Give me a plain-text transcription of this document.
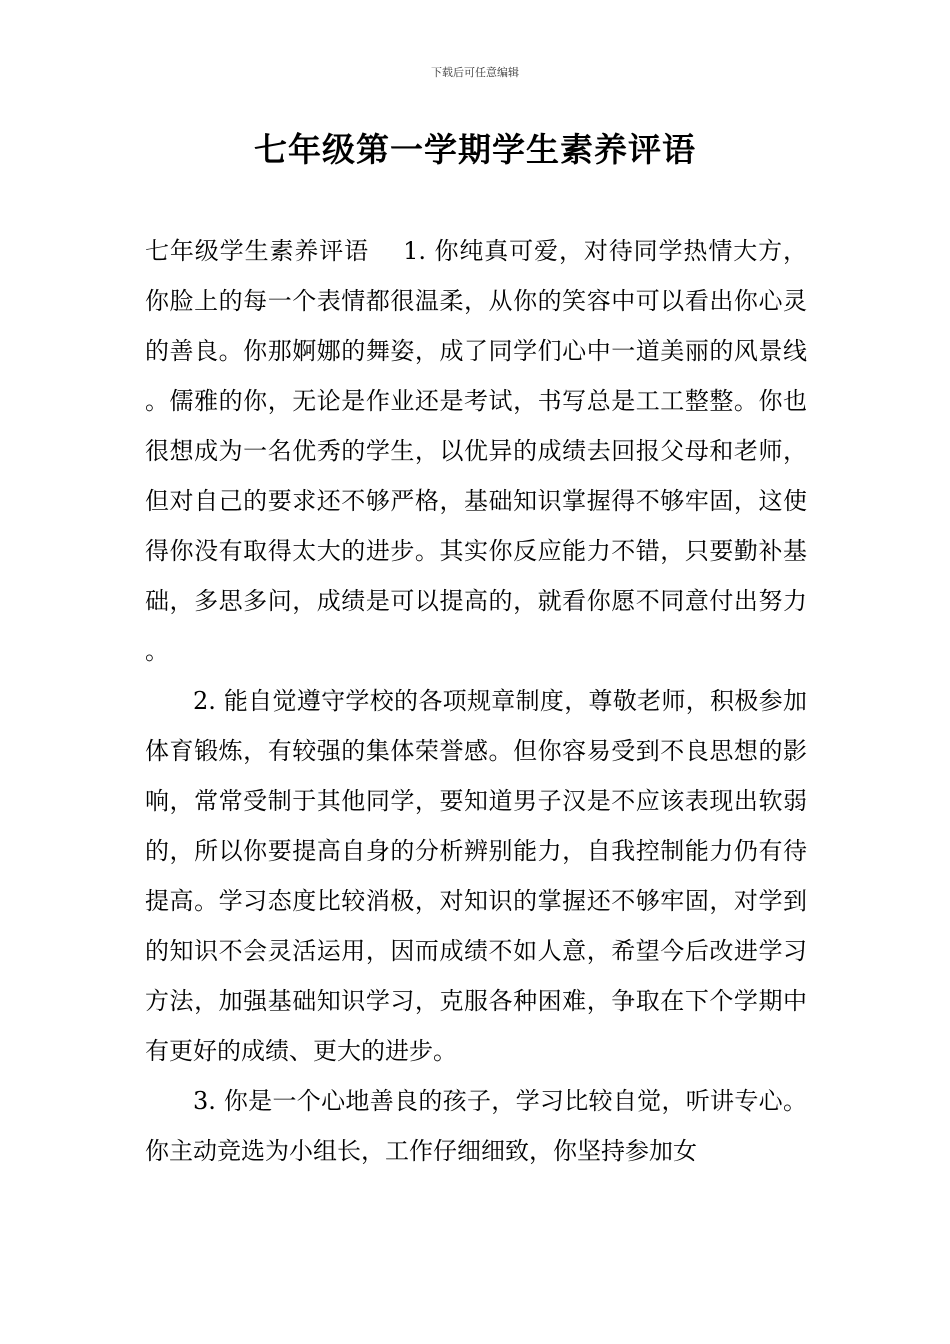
下载后可任意编辑
七年级第一学期学生素养评语

七年级学生素养评语 1. 你纯真可爱，对待同学热情大方，你脸上的每一个表情都很温柔，从你的笑容中可以看出你心灵的善良。你那婀娜的舞姿，成了同学们心中一道美丽的风景线。儒雅的你，无论是作业还是考试，书写总是工工整整。你也很想成为一名优秀的学生，以优异的成绩去回报父母和老师，但对自己的要求还不够严格，基础知识掌握得不够牢固，这使得你没有取得太大的进步。其实你反应能力不错，只要勤补基础，多思多问，成绩是可以提高的，就看你愿不同意付出努力。

2. 能自觉遵守学校的各项规章制度，尊敬老师，积极参加体育锻炼，有较强的集体荣誉感。但你容易受到不良思想的影响，常常受制于其他同学，要知道男子汉是不应该表现出软弱的，所以你要提高自身的分析辨别能力，自我控制能力仍有待提高。学习态度比较消极，对知识的掌握还不够牢固，对学到的知识不会灵活运用，因而成绩不如人意，希望今后改进学习方法，加强基础知识学习，克服各种困难，争取在下个学期中有更好的成绩、更大的进步。

3. 你是一个心地善良的孩子，学习比较自觉，听讲专心。你主动竞选为小组长，工作仔细细致，你坚持参加女
